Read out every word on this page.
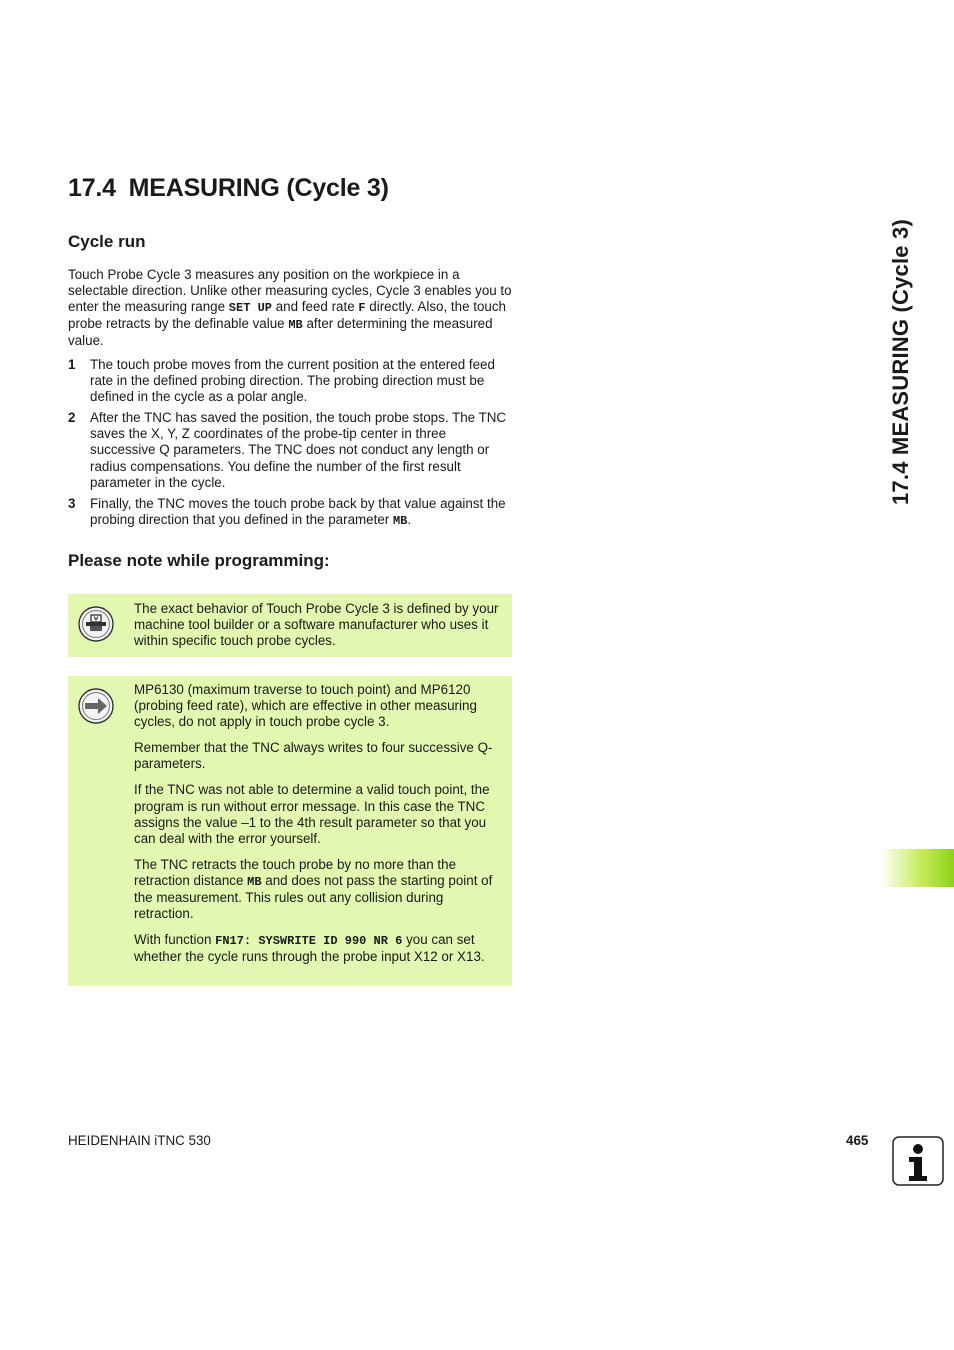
17.4 MEASURING (Cycle 3)
Cycle run

Touch Probe Cycle 3 measures any position on the workpiece in a selectable direction. Unlike other measuring cycles, Cycle 3 enables you to enter the measuring range SET UP and feed rate F directly. Also, the touch probe retracts by the definable value MB after determining the measured value.

1 The touch probe moves from the current position at the entered feed rate in the defined probing direction. The probing direction must be defined in the cycle as a polar angle.
2 After the TNC has saved the position, the touch probe stops. The TNC saves the X, Y, Z coordinates of the probe-tip center in three successive Q parameters. The TNC does not conduct any length or radius compensations. You define the number of the first result parameter in the cycle.
3 Finally, the TNC moves the touch probe back by that value against the probing direction that you defined in the parameter MB.
Please note while programming:
The exact behavior of Touch Probe Cycle 3 is defined by your machine tool builder or a software manufacturer who uses it within specific touch probe cycles.

MP6130 (maximum traverse to touch point) and MP6120 (probing feed rate), which are effective in other measuring cycles, do not apply in touch probe cycle 3.

Remember that the TNC always writes to four successive Q-parameters.

If the TNC was not able to determine a valid touch point, the program is run without error message. In this case the TNC assigns the value –1 to the 4th result parameter so that you can deal with the error yourself.

The TNC retracts the touch probe by no more than the retraction distance MB and does not pass the starting point of the measurement. This rules out any collision during retraction.

With function FN17: SYSWRITE ID 990 NR 6 you can set whether the cycle runs through the probe input X12 or X13.

17.4 MEASURING (Cycle 3)
HEIDENHAIN iTNC 530	465
